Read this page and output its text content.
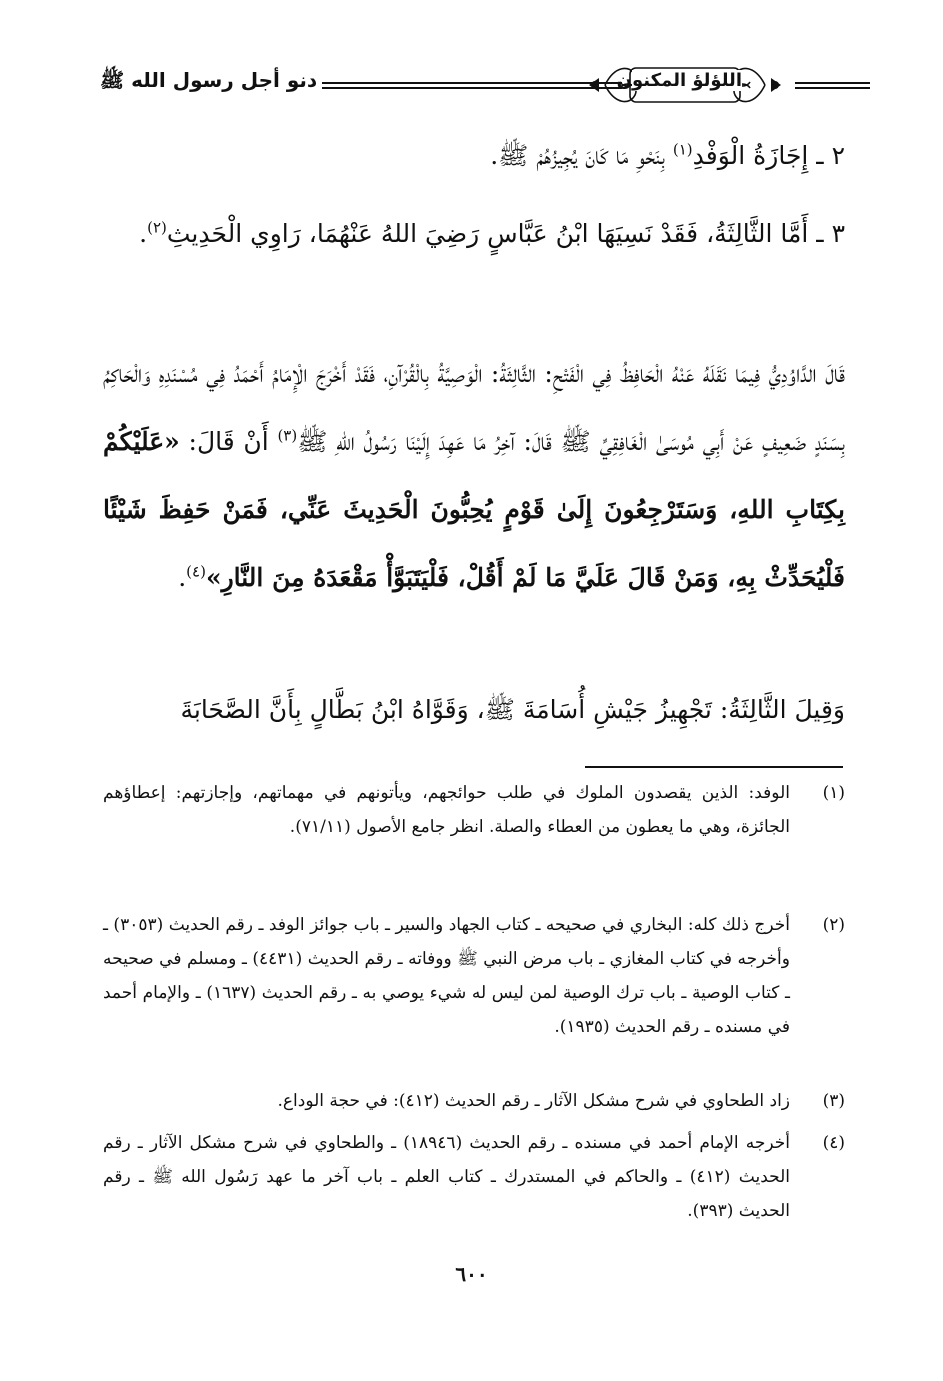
دنو أجل رسول الله ﷺ	اللؤلؤ المكنون

٢ ـ إِجَازَةُ الْوَفْدِ$^{(١)}$ بِنَحْوِ مَا كَانَ يُجِيزُهُمْ ﷺ.

٣ ـ أَمَّا الثَّالِثَةُ، فَقَدْ نَسِيَهَا ابْنُ عَبَّاسٍ رَضِيَ اللهُ عَنْهُمَا، رَاوِي الْحَدِيثِ$^{(٢)}$.

قَالَ الدَّاوُدِيُّ فِيمَا نَقَلَهُ عَنْهُ الْحَافِظُ فِي الْفَتْحِ: الثَّالِثَةُ: الْوَصِيَّةُ بِالْقُرْآنِ، فَقَدْ أَخْرَجَ الْإِمَامُ أَحْمَدُ فِي مُسْنَدِهِ وَالْحَاكِمُ بِسَنَدٍ ضَعِيفٍ عَنْ أَبِي مُوسَىٰ الْغَافِقِيِّ ﷺ قَالَ: آخِرُ مَا عَهِدَ إِلَيْنَا رَسُولُ اللهِ ﷺ$^{(٣)}$ أَنْ قَالَ: «عَلَيْكُمْ بِكِتَابِ اللهِ، وَسَتَرْجِعُونَ إِلَىٰ قَوْمٍ يُحِبُّونَ الْحَدِيثَ عَنِّي، فَمَنْ حَفِظَ شَيْئًا فَلْيُحَدِّثْ بِهِ، وَمَنْ قَالَ عَلَيَّ مَا لَمْ أَقُلْ، فَلْيَتَبَوَّأْ مَقْعَدَهُ مِنَ النَّارِ»$^{(٤)}$.

وَقِيلَ الثَّالِثَةُ: تَجْهِيزُ جَيْشِ أُسَامَةَ ﷺ، وَقَوَّاهُ ابْنُ بَطَّالٍ بِأَنَّ الصَّحَابَةَ

(١)
الوفد: الذين يقصدون الملوك في طلب حوائجهم، ويأتونهم في مهماتهم، وإجازتهم: إعطاؤهم الجائزة، وهي ما يعطون من العطاء والصلة. انظر جامع الأصول (٧١/١١).
(٢)
أخرج ذلك كله: البخاري في صحيحه ـ كتاب الجهاد والسير ـ باب جوائز الوفد ـ رقم الحديث (٣٠٥٣) ـ وأخرجه في كتاب المغازي ـ باب مرض النبي ﷺ ووفاته ـ رقم الحديث (٤٤٣١) ـ ومسلم في صحيحه ـ كتاب الوصية ـ باب ترك الوصية لمن ليس له شيء يوصي به ـ رقم الحديث (١٦٣٧) ـ والإمام أحمد في مسنده ـ رقم الحديث (١٩٣٥).
(٣)
زاد الطحاوي في شرح مشكل الآثار ـ رقم الحديث (٤١٢): في حجة الوداع.
(٤)
أخرجه الإمام أحمد في مسنده ـ رقم الحديث (١٨٩٤٦) ـ والطحاوي في شرح مشكل الآثار ـ رقم الحديث (٤١٢) ـ والحاكم في المستدرك ـ كتاب العلم ـ باب آخر ما عهد رَسُول الله ﷺ ـ رقم الحديث (٣٩٣).
٦٠٠
